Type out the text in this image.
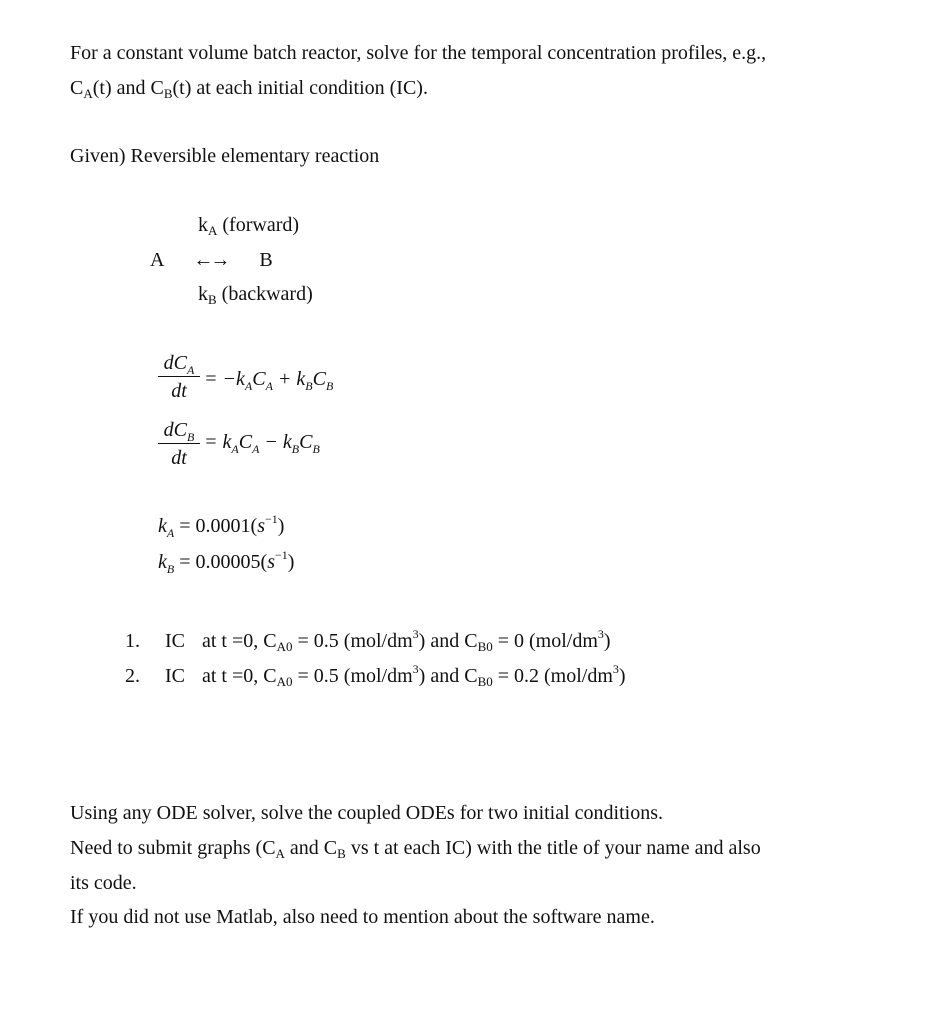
For a constant volume batch reactor, solve for the temporal concentration profiles, e.g.,
$C_A(t)$ and $C_B(t)$ at each initial condition (IC).
Given) Reversible elementary reaction
$k_A$ (forward)
A ←→ B
$k_B$ (backward)
$dC_A$
dt
= $-k_AC_A + k_BC_B$
$dC_B$
dt
= $k_AC_A - k_BC_B$
$k_A = 0.0001(s^{-1})$
$k_B = 0.00005(s^{-1})$
1. IC at t =0, $C_{A0} = 0.5$ $(mol/dm^3)$ and $C_{B0} = 0$ $(mol/dm^3)$
2. IC at t =0, $C_{A0} = 0.5$ $(mol/dm^3)$ and $C_{B0} = 0.2$ $(mol/dm^3)$
Using any ODE solver, solve the coupled ODEs for two initial conditions.
Need to submit graphs ($C_A$ and $C_B$ vs t at each IC) with the title of your name and also
its code.
If you did not use Matlab, also need to mention about the software name.
